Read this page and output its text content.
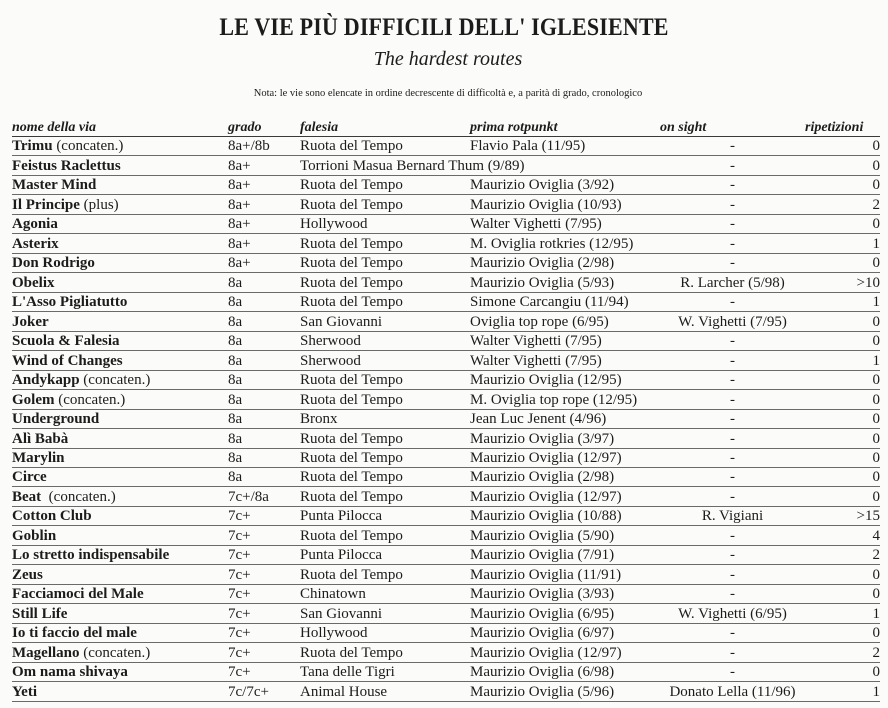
LE VIE PIÙ DIFFICILI DELL' IGLESIENTE
The hardest routes
Nota: le vie sono elencate in ordine decrescente di difficoltà e, a parità di grado, cronologico
nome della via	grado	falesia	prima rotpunkt	on sight	ripetizioni
Trimu (concaten.)	8a+/8b	Ruota del Tempo	Flavio Pala (11/95)	-	0
Feistus Raclettus	8a+	Torrioni Masua Bernard Thum (9/89)		-	0
Master Mind	8a+	Ruota del Tempo	Maurizio Oviglia (3/92)	-	0
Il Principe (plus)	8a+	Ruota del Tempo	Maurizio Oviglia (10/93)	-	2
Agonia	8a+	Hollywood	Walter Vighetti (7/95)	-	0
Asterix	8a+	Ruota del Tempo	M. Oviglia rotkries (12/95)	-	1
Don Rodrigo	8a+	Ruota del Tempo	Maurizio Oviglia (2/98)	-	0
Obelix	8a	Ruota del Tempo	Maurizio Oviglia (5/93)	R. Larcher (5/98)	>10
L'Asso Pigliatutto	8a	Ruota del Tempo	Simone Carcangiu (11/94)	-	1
Joker	8a	San Giovanni	Oviglia top rope (6/95)	W. Vighetti (7/95)	0
Scuola & Falesia	8a	Sherwood	Walter Vighetti (7/95)	-	0
Wind of Changes	8a	Sherwood	Walter Vighetti (7/95)	-	1
Andykapp (concaten.)	8a	Ruota del Tempo	Maurizio Oviglia (12/95)	-	0
Golem (concaten.)	8a	Ruota del Tempo	M. Oviglia top rope (12/95)	-	0
Underground	8a	Bronx	Jean Luc Jenent (4/96)	-	0
Alì Babà	8a	Ruota del Tempo	Maurizio Oviglia (3/97)	-	0
Marylin	8a	Ruota del Tempo	Maurizio Oviglia (12/97)	-	0
Circe	8a	Ruota del Tempo	Maurizio Oviglia (2/98)	-	0
Beat  (concaten.)	7c+/8a	Ruota del Tempo	Maurizio Oviglia (12/97)	-	0
Cotton Club	7c+	Punta Pilocca	Maurizio Oviglia (10/88)	R. Vigiani	>15
Goblin	7c+	Ruota del Tempo	Maurizio Oviglia (5/90)	-	4
Lo stretto indispensabile	7c+	Punta Pilocca	Maurizio Oviglia (7/91)	-	2
Zeus	7c+	Ruota del Tempo	Maurizio Oviglia (11/91)	-	0
Facciamoci del Male	7c+	Chinatown	Maurizio Oviglia (3/93)	-	0
Still Life	7c+	San Giovanni	Maurizio Oviglia (6/95)	W. Vighetti (6/95)	1
Io ti faccio del male	7c+	Hollywood	Maurizio Oviglia (6/97)	-	0
Magellano (concaten.)	7c+	Ruota del Tempo	Maurizio Oviglia (12/97)	-	2
Om nama shivaya	7c+	Tana delle Tigri	Maurizio Oviglia (6/98)	-	0
Yeti	7c/7c+	Animal House	Maurizio Oviglia (5/96)	Donato Lella (11/96)	1
